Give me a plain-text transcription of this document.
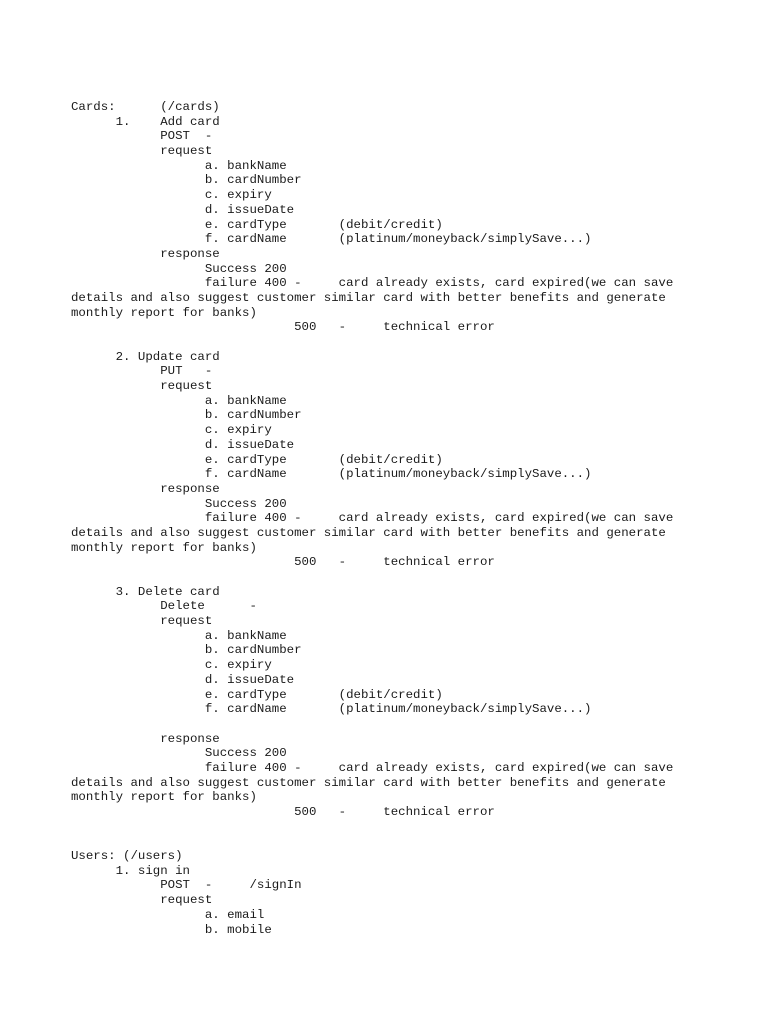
Cards:      (/cards)
1.    Add card
POST  -
request
a. bankName
b. cardNumber
c. expiry
d. issueDate
e. cardType       (debit/credit)
f. cardName       (platinum/moneyback/simplySave...)
response
Success 200
failure 400 -     card already exists, card expired(we can save
details and also suggest customer similar card with better benefits and generate
monthly report for banks)
500   -     technical error
2. Update card
PUT   -
request
a. bankName
b. cardNumber
c. expiry
d. issueDate
e. cardType       (debit/credit)
f. cardName       (platinum/moneyback/simplySave...)
response
Success 200
failure 400 -     card already exists, card expired(we can save
details and also suggest customer similar card with better benefits and generate
monthly report for banks)
500   -     technical error
3. Delete card
Delete      -
request
a. bankName
b. cardNumber
c. expiry
d. issueDate
e. cardType       (debit/credit)
f. cardName       (platinum/moneyback/simplySave...)
response
Success 200
failure 400 -     card already exists, card expired(we can save
details and also suggest customer similar card with better benefits and generate
monthly report for banks)
500   -     technical error
Users: (/users)
1. sign in
POST  -     /signIn
request
a. email
b. mobile
